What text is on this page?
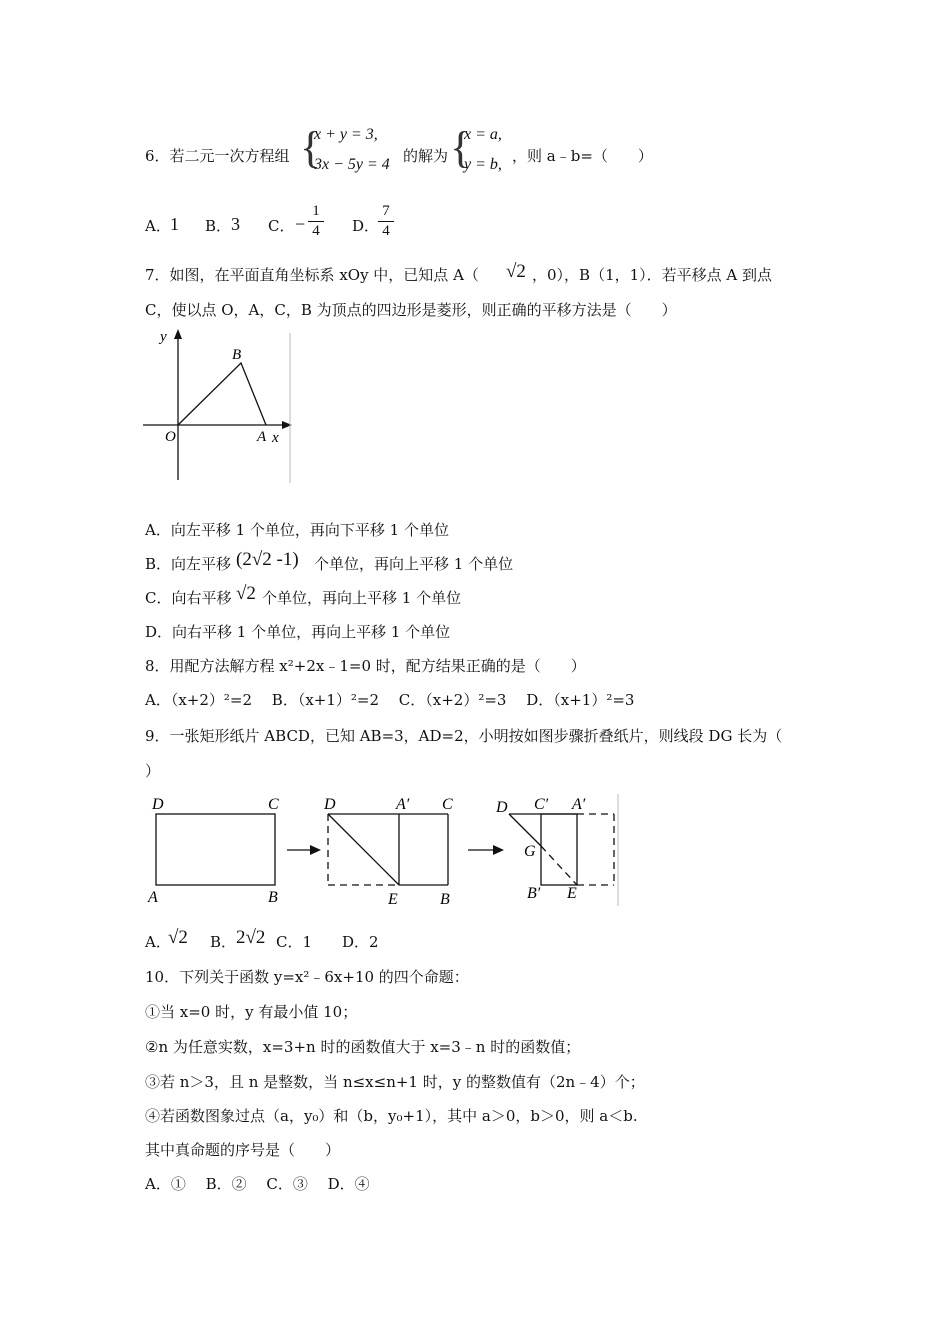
6．若二元一次方程组 {
x + y = 3,
3x − 5y = 4 的解为 {
x = a,
y = b, ，则 a﹣b=（　　）
A． 1 B． 3 C． −
1
4 D．
7
4
7．如图，在平面直角坐标系 xOy 中，已知点 A（ √2 ，0），B（1，1）．若平移点 A 到点
C，使以点 O，A，C，B 为顶点的四边形是菱形，则正确的平移方法是（　　）
y
B
O	A x
A．向左平移 1 个单位，再向下平移 1 个单位
B．向左平移 (2√2 -1) 个单位，再向上平移 1 个单位
C．向右平移 √2 个单位，再向上平移 1 个单位
D．向右平移 1 个单位，再向上平移 1 个单位
8．用配方法解方程 x²+2x﹣1=0 时，配方结果正确的是（　　）
A．（x+2）²=2　 B．（x+1）²=2　 C．（x+2）²=3　 D．（x+1）²=3
9．一张矩形纸片 ABCD，已知 AB=3，AD=2，小明按如图步骤折叠纸片，则线段 DG 长为（
）
D	C
A	B
D	A′ C
E	B
D C′ A′
G
B′ E
A．
√2 B． 2√2 C．1　　D．2
10．下列关于函数 y=x²﹣6x+10 的四个命题：
①当 x=0 时，y 有最小值 10；
②n 为任意实数，x=3+n 时的函数值大于 x=3﹣n 时的函数值；
③若 n＞3，且 n 是整数，当 n≤x≤n+1 时，y 的整数值有（2n﹣4）个；
④若函数图象过点（a，y₀）和（b，y₀+1），其中 a＞0，b＞0，则 a＜b.
其中真命题的序号是（　　）
A．①　 B．②　 C．③　 D．④
